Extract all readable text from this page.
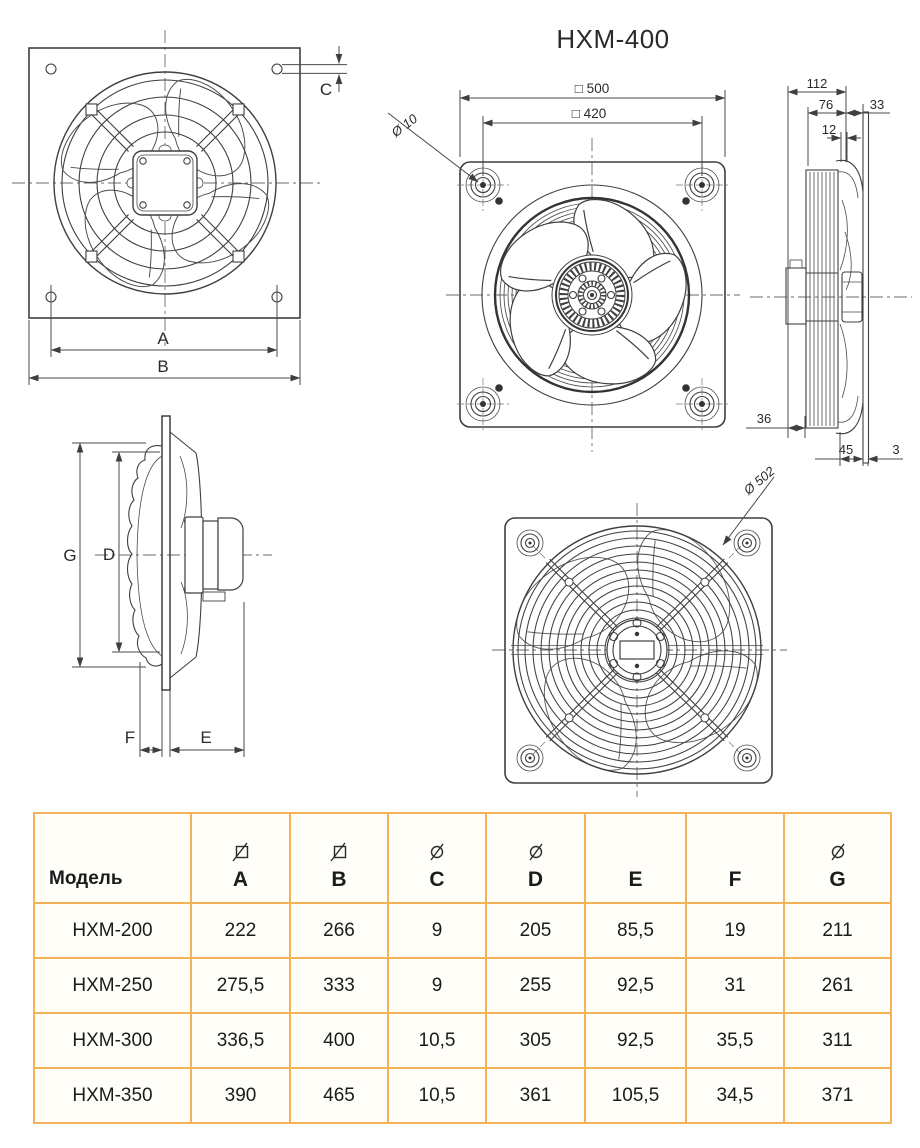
C
A
B
HXM-400
□ 500
□ 420
Ø 10
112
76	33
12
36
45	3
G D
F	E
Ø 502
Модель	A	B	C	D	E	F	G

HXM-200	222	266	9	205	85,5	19	211
HXM-250	275,5	333	9	255	92,5	31	261
HXM-300	336,5	400	10,5	305	92,5	35,5	311
HXM-350	390	465	10,5	361	105,5	34,5	371
